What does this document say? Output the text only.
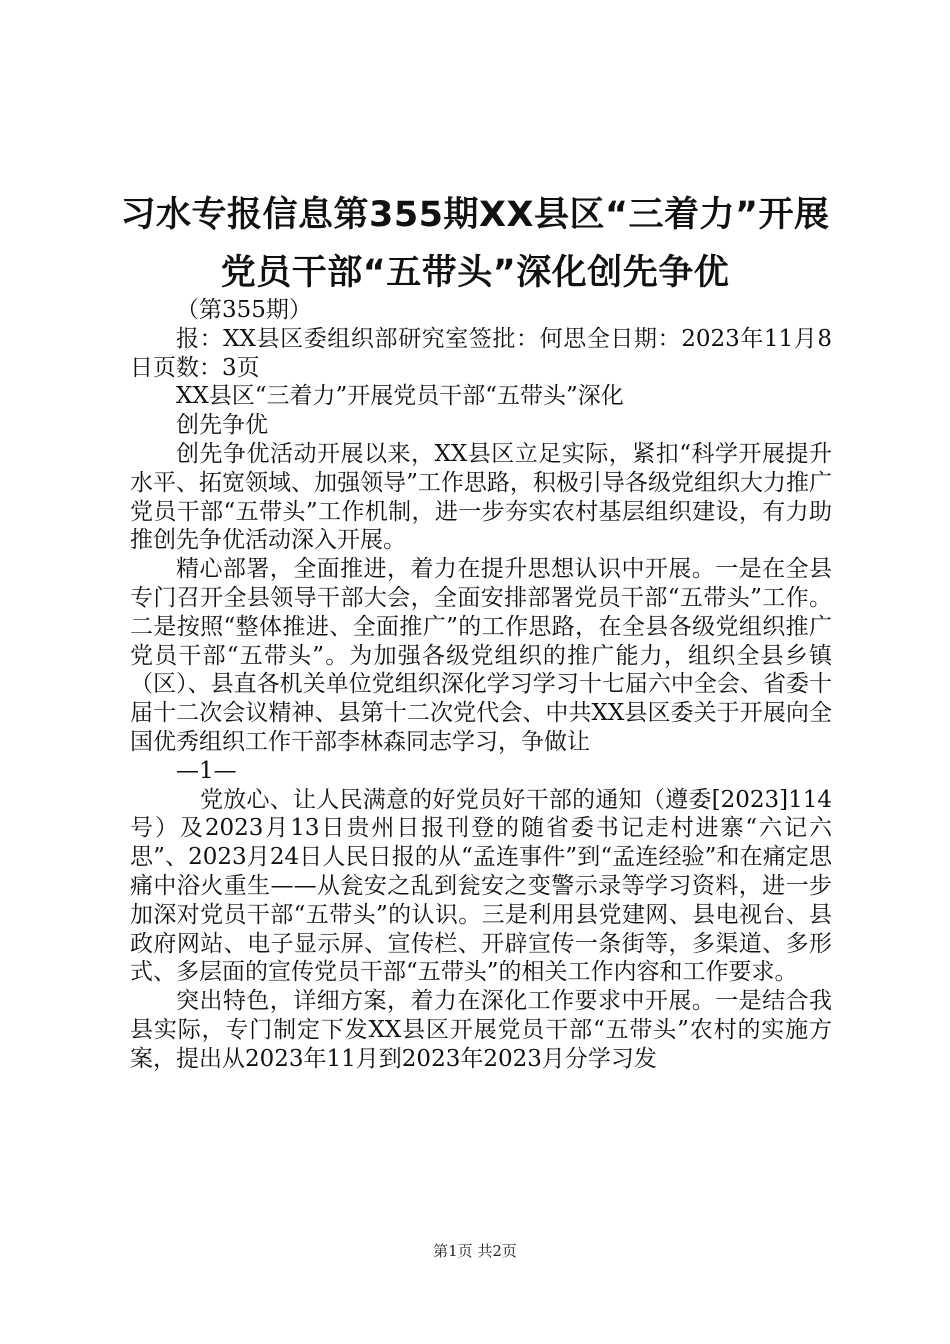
习水专报信息第355期XX县区“三着力”开展党员干部“五带头”深化创先争优

（第355期）

报：XX县区委组织部研究室签批：何思全日期：2023年11月8日页数：3页

XX县区“三着力”开展党员干部“五带头”深化

创先争优

创先争优活动开展以来，XX县区立足实际，紧扣“科学开展提升水平、拓宽领域、加强领导”工作思路，积极引导各级党组织大力推广党员干部“五带头”工作机制，进一步夯实农村基层组织建设，有力助推创先争优活动深入开展。

精心部署，全面推进，着力在提升思想认识中开展。一是在全县专门召开全县领导干部大会，全面安排部署党员干部“五带头”工作。二是按照“整体推进、全面推广”的工作思路，在全县各级党组织推广党员干部“五带头”。为加强各级党组织的推广能力，组织全县乡镇（区）、县直各机关单位党组织深化学习学习十七届六中全会、省委十届十二次会议精神、县第十二次党代会、中共XX县区委关于开展向全国优秀组织工作干部李林森同志学习，争做让

—1—

党放心、让人民满意的好党员好干部的通知（遵委[2023]114号）及2023月13日贵州日报刊登的随省委书记走村进寨“六记六思”、2023月24日人民日报的从“孟连事件”到“孟连经验”和在痛定思痛中浴火重生——从瓮安之乱到瓮安之变警示录等学习资料，进一步加深对党员干部“五带头”的认识。三是利用县党建网、县电视台、县政府网站、电子显示屏、宣传栏、开辟宣传一条街等，多渠道、多形式、多层面的宣传党员干部“五带头”的相关工作内容和工作要求。

突出特色，详细方案，着力在深化工作要求中开展。一是结合我县实际，专门制定下发XX县区开展党员干部“五带头”农村的实施方案，提出从2023年11月到2023年2023月分学习发

第1页 共2页
